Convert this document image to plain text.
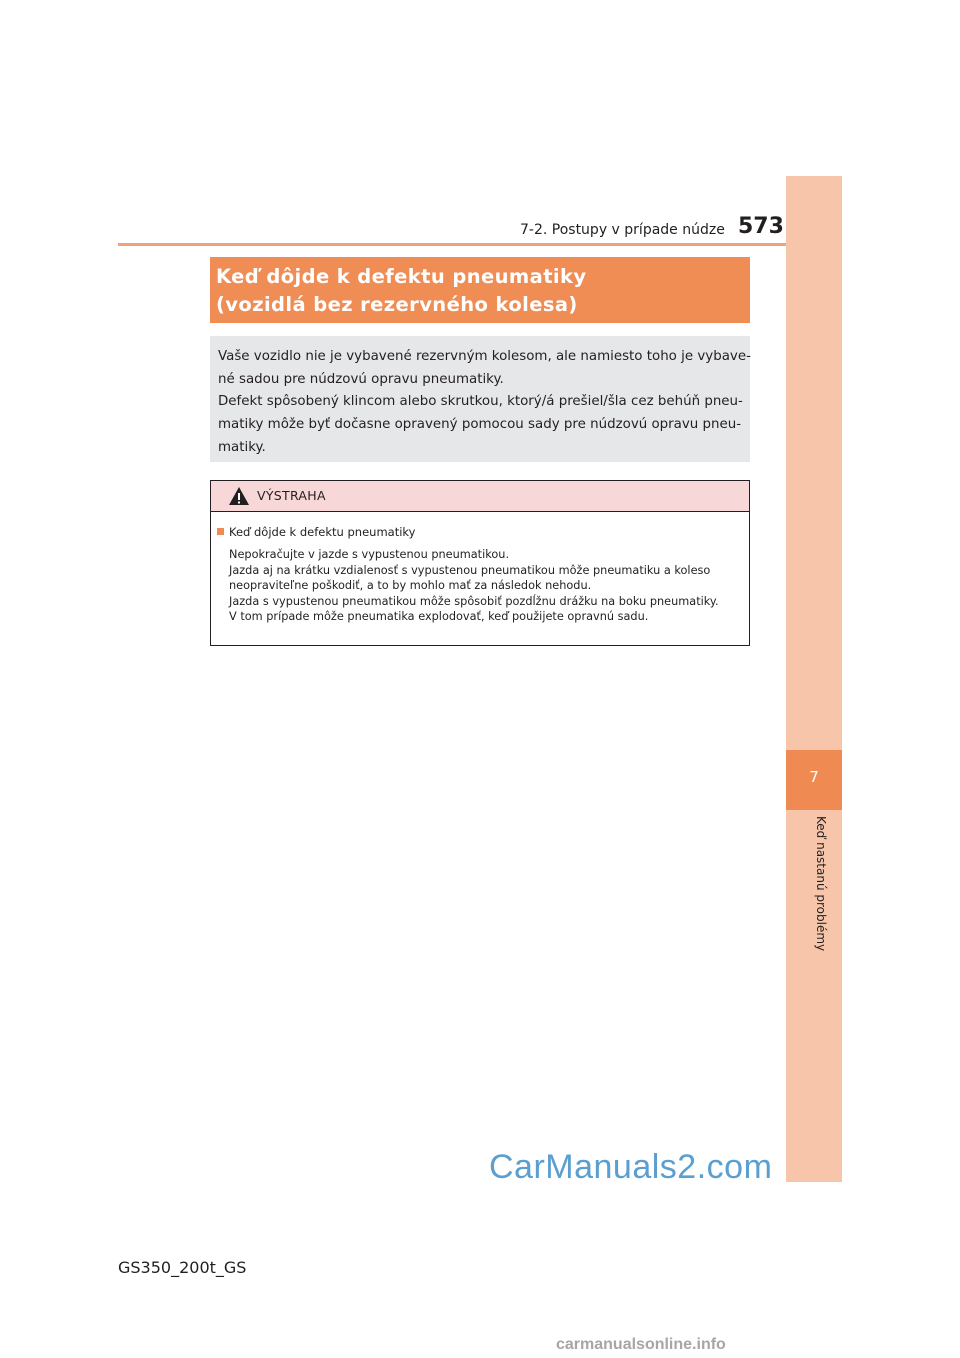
7-2. Postupy v prípade núdze 573
7
Keď nastanú problémy
Keď dôjde k defektu pneumatiky
(vozidlá bez rezervného kolesa)
Vaše vozidlo nie je vybavené rezervným kolesom, ale namiesto toho je vybave-
né sadou pre núdzovú opravu pneumatiky.
Defekt spôsobený klincom alebo skrutkou, ktorý/á prešiel/šla cez behúň pneu-
matiky môže byť dočasne opravený pomocou sady pre núdzovú opravu pneu-
matiky.
VÝSTRAHA
Keď dôjde k defektu pneumatiky
Nepokračujte v jazde s vypustenou pneumatikou.
Jazda aj na krátku vzdialenosť s vypustenou pneumatikou môže pneumatiku a koleso
neopraviteľne poškodiť, a to by mohlo mať za následok nehodu.
Jazda s vypustenou pneumatikou môže spôsobiť pozdĺžnu drážku na boku pneumatiky.
V tom prípade môže pneumatika explodovať, keď použijete opravnú sadu.
CarManuals2.com
GS350_200t_GS
carmanualsonline.info
